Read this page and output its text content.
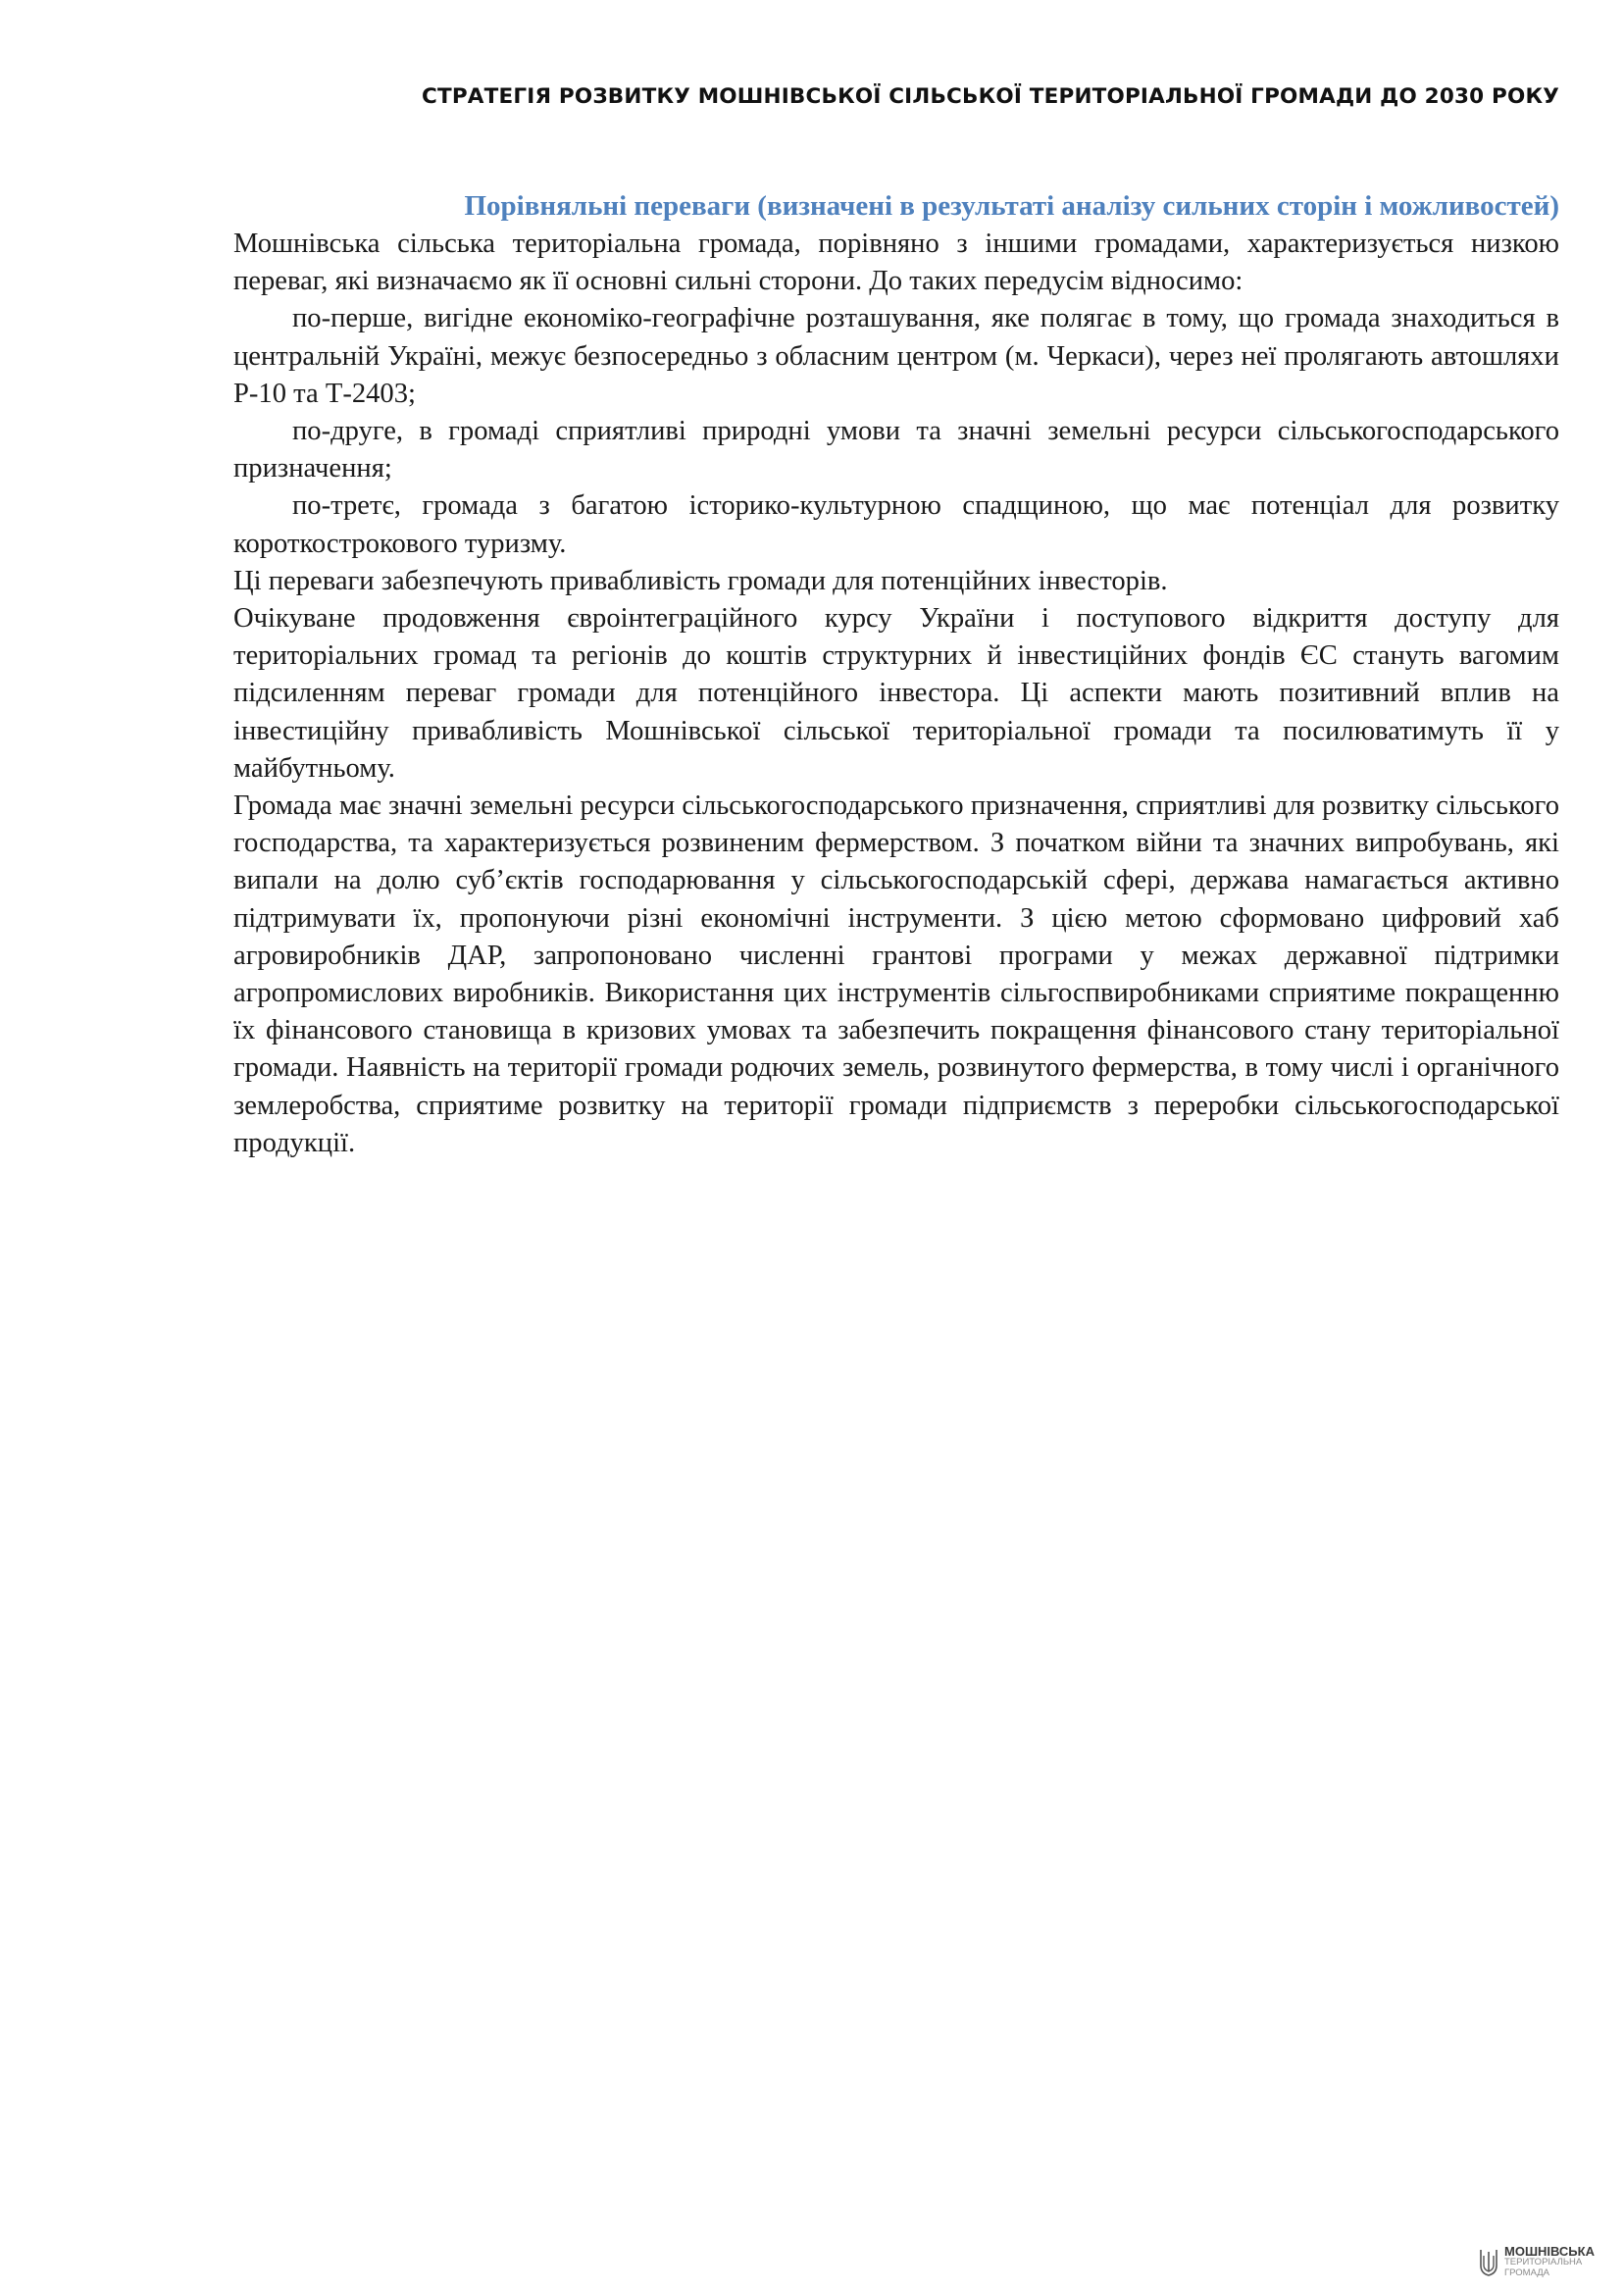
СТРАТЕГІЯ РОЗВИТКУ МОШНІВСЬКОЇ СІЛЬСЬКОЇ ТЕРИТОРІАЛЬНОЇ ГРОМАДИ ДО 2030 РОКУ
Порівняльні переваги (визначені в результаті аналізу сильних сторін і можливостей)

Мошнівська сільська територіальна громада, порівняно з іншими громадами, характеризується низкою переваг, які визначаємо як її основні сильні сторони. До таких передусім відносимо:

по-перше, вигідне економіко-географічне розташування, яке полягає в тому, що громада знаходиться в центральній Україні, межує безпосередньо з обласним центром (м. Черкаси), через неї пролягають автошляхи Р-10 та Т-2403;

по-друге, в громаді сприятливі природні умови та значні земельні ресурси сільськогосподарського призначення;

по-третє, громада з багатою історико-культурною спадщиною, що має потенціал для розвитку короткострокового туризму.

Ці переваги забезпечують привабливість громади для потенційних інвесторів.

Очікуване продовження євроінтеграційного курсу України і поступового відкриття доступу для територіальних громад та регіонів до коштів структурних й інвестиційних фондів ЄС стануть вагомим підсиленням переваг громади для потенційного інвестора. Ці аспекти мають позитивний вплив на інвестиційну привабливість Мошнівської сільської територіальної громади та посилюватимуть її у майбутньому.

Громада має значні земельні ресурси сільськогосподарського призначення, сприятливі для розвитку сільського господарства, та характеризується розвиненим фермерством. З початком війни та значних випробувань, які випали на долю суб’єктів господарювання у сільськогосподарській сфері, держава намагається активно підтримувати їх, пропонуючи різні економічні інструменти. З цією метою сформовано цифровий хаб агровиробників ДАР, запропоновано численні грантові програми у межах державної підтримки агропромислових виробників. Використання цих інструментів сільгоспвиробниками сприятиме покращенню їх фінансового становища в кризових умовах та забезпечить покращення фінансового стану територіальної громади. Наявність на території громади родючих земель, розвинутого фермерства, в тому числі і органічного землеробства, сприятиме розвитку на території громади підприємств з переробки сільськогосподарської продукції.

МОШНІВСЬКА
ТЕРИТОРІАЛЬНА
ГРОМАДА
